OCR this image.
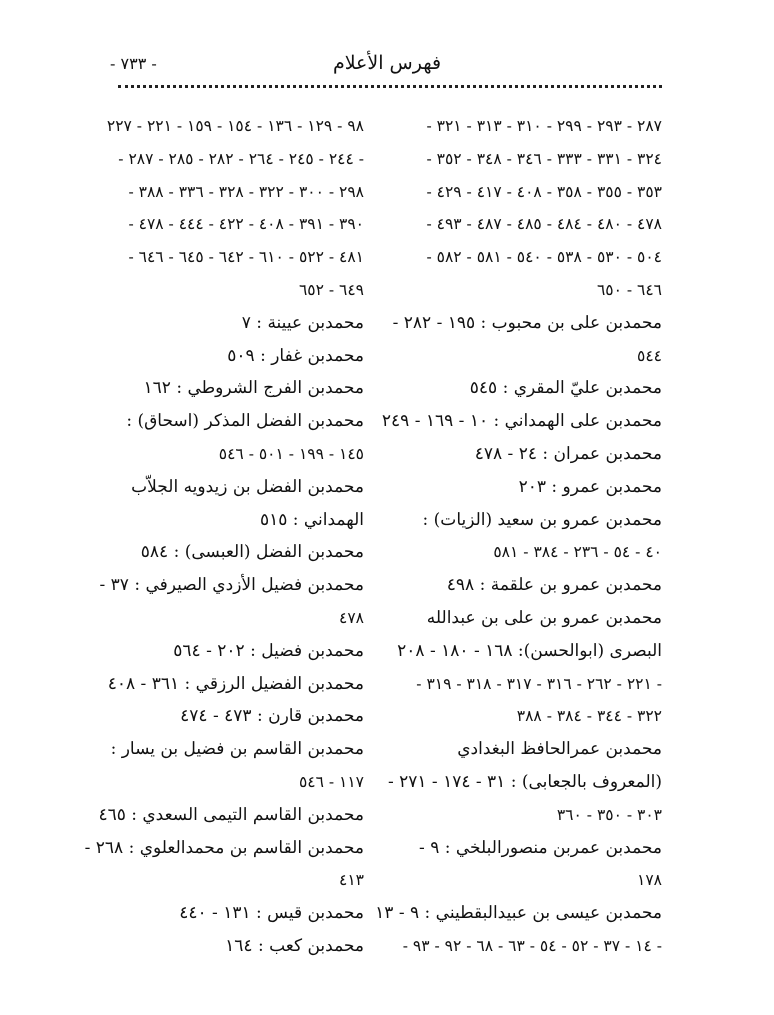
فهرس الأعلام
- ٧٣٣ -
٢٨٧ - ٢٩٣ - ٢٩٩ - ٣١٠ - ٣١٣ - ٣٢١ -
٣٢٤ - ٣٣١ - ٣٣٣ - ٣٤٦ - ٣٤٨ - ٣٥٢ -
٣٥٣ - ٣٥٥ - ٣٥٨ - ٤٠٨ - ٤١٧ - ٤٢٩ -
٤٧٨ - ٤٨٠ - ٤٨٤ - ٤٨٥ - ٤٨٧ - ٤٩٣ -
٥٠٤ - ٥٣٠ - ٥٣٨ - ٥٤٠ - ٥٨١ - ٥٨٢ -
٦٤٦ - ٦٥٠
محمدبن على بن محبوب : ١٩٥ - ٢٨٢ -
٥٤٤
محمدبن عليّ المقري : ٥٤٥
محمدبن على الهمداني : ١٠ - ١٦٩ - ٢٤٩
محمدبن عمران : ٢٤ - ٤٧٨
محمدبن عمرو : ٢٠٣
محمدبن عمرو بن سعيد (الزيات) :
٤٠ - ٥٤ - ٢٣٦ - ٣٨٤ - ٥٨١
محمدبن عمرو بن علقمة : ٤٩٨
محمدبن عمرو بن على بن عبدالله
البصرى (ابوالحسن): ١٦٨ - ١٨٠ - ٢٠٨
- ٢٢١ - ٢٦٢ - ٣١٦ - ٣١٧ - ٣١٨ - ٣١٩ -
٣٢٢ - ٣٤٤ - ٣٨٤ - ٣٨٨
محمدبن عمرالحافظ البغدادي
(المعروف بالجعابى) : ٣١ - ١٧٤ - ٢٧١ -
٣٠٣ - ٣٥٠ - ٣٦٠
محمدبن عمربن منصورالبلخي : ٩ -
١٧٨
محمدبن عيسى بن عبيدالبقطيني : ٩ - ١٣
- ١٤ - ٣٧ - ٥٢ - ٥٤ - ٦٣ - ٦٨ - ٩٢ - ٩٣ -
٩٨ - ١٢٩ - ١٣٦ - ١٥٤ - ١٥٩ - ٢٢١ - ٢٢٧
- ٢٤٤ - ٢٤٥ - ٢٦٤ - ٢٨٢ - ٢٨٥ - ٢٨٧ -
٢٩٨ - ٣٠٠ - ٣٢٢ - ٣٢٨ - ٣٣٦ - ٣٨٨ -
٣٩٠ - ٣٩١ - ٤٠٨ - ٤٢٢ - ٤٤٤ - ٤٧٨ -
٤٨١ - ٥٢٢ - ٦١٠ - ٦٤٢ - ٦٤٥ - ٦٤٦ -
٦٤٩ - ٦٥٢
محمدبن عيينة : ٧
محمدبن غفار : ٥٠٩
محمدبن الفرج الشروطي : ١٦٢
محمدبن الفضل المذكر (اسحاق) :
١٤٥ - ١٩٩ - ٥٠١ - ٥٤٦
محمدبن الفضل بن زيدويه الجلاّب
الهمداني : ٥١٥
محمدبن الفضل (العبسى) : ٥٨٤
محمدبن فضيل الأزدي الصيرفي : ٣٧ -
٤٧٨
محمدبن فضيل : ٢٠٢ - ٥٦٤
محمدبن الفضيل الرزقي : ٣٦١ - ٤٠٨
محمدبن قارن : ٤٧٣ - ٤٧٤
محمدبن القاسم بن فضيل بن يسار :
١١٧ - ٥٤٦
محمدبن القاسم التيمى السعدي : ٤٦٥
محمدبن القاسم بن محمدالعلوي : ٢٦٨ -
٤١٣
محمدبن قيس : ١٣١ - ٤٤٠
محمدبن كعب : ١٦٤
